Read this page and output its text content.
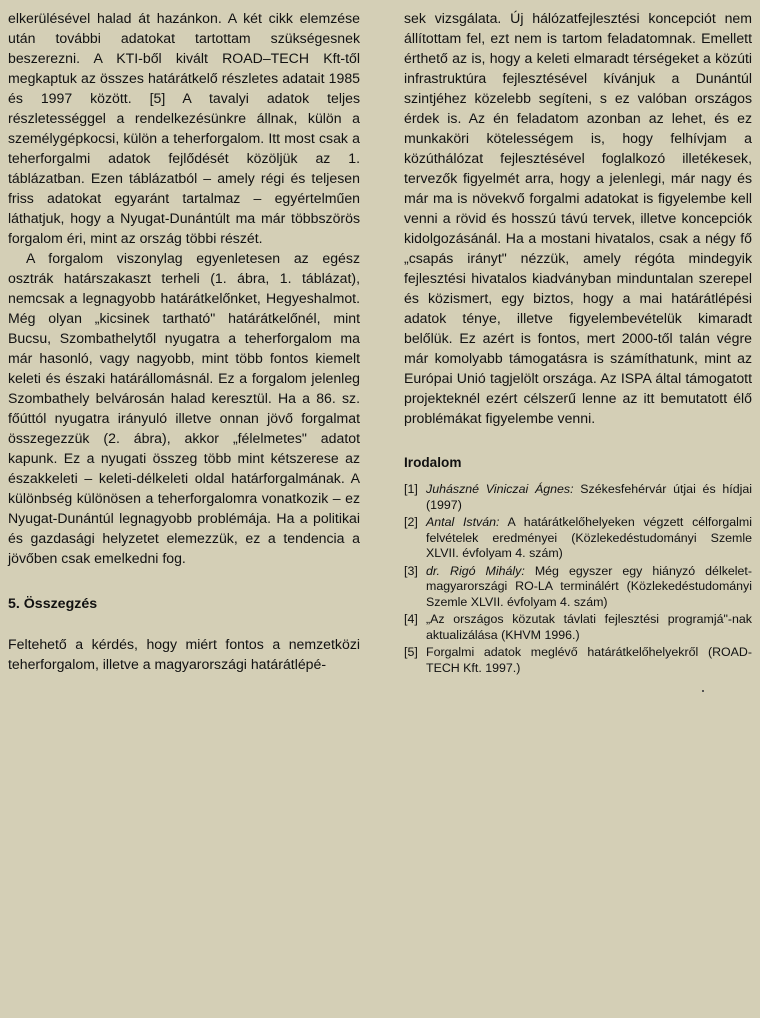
elkerülésével halad át hazánkon. A két cikk elemzése után további adatokat tartottam szükségesnek beszerezni. A KTI-ből kivált ROAD–TECH Kft-től megkaptuk az összes határátkelő részletes adatait 1985 és 1997 között. [5] A tavalyi adatok teljes részletességgel a rendelkezésünkre állnak, külön a személygépkocsi, külön a teherforgalom. Itt most csak a teherforgalmi adatok fejlődését közöljük az 1. táblázatban. Ezen táblázatból – amely régi és teljesen friss adatokat egyaránt tartalmaz – egyértelműen láthatjuk, hogy a Nyugat-Dunántúlt ma már többszörös forgalom éri, mint az ország többi részét.

A forgalom viszonylag egyenletesen az egész osztrák határszakaszt terheli (1. ábra, 1. táblázat), nemcsak a legnagyobb határátkelőnket, Hegyeshalmot. Még olyan „kicsinek tartható" határátkelőnél, mint Bucsu, Szombathelytől nyugatra a teherforgalom ma már hasonló, vagy nagyobb, mint több fontos kiemelt keleti és északi határállomásnál. Ez a forgalom jelenleg Szombathely belvárosán halad keresztül. Ha a 86. sz. főúttól nyugatra irányuló illetve onnan jövő forgalmat összegezzük (2. ábra), akkor „félelmetes" adatot kapunk. Ez a nyugati összeg több mint kétszerese az északkeleti – keleti-délkeleti oldal határforgalmának. A különbség különösen a teherforgalomra vonatkozik – ez Nyugat-Dunántúl legnagyobb problémája. Ha a politikai és gazdasági helyzetet elemezzük, ez a tendencia a jövőben csak emelkedni fog.

5. Összegzés

Feltehető a kérdés, hogy miért fontos a nemzetközi teherforgalom, illetve a magyarországi határátlépé-

sek vizsgálata. Új hálózatfejlesztési koncepciót nem állítottam fel, ezt nem is tartom feladatomnak. Emellett érthető az is, hogy a keleti elmaradt térségeket a közúti infrastruktúra fejlesztésével kívánjuk a Dunántúl szintjéhez közelebb segíteni, s ez valóban országos érdek is. Az én feladatom azonban az lehet, és ez munkaköri kötelességem is, hogy felhívjam a közúthálózat fejlesztésével foglalkozó illetékesek, tervezők figyelmét arra, hogy a jelenlegi, már nagy és már ma is növekvő forgalmi adatokat is figyelembe kell venni a rövid és hosszú távú tervek, illetve koncepciók kidolgozásánál. Ha a mostani hivatalos, csak a négy fő „csapás irányt" nézzük, amely régóta mindegyik fejlesztési hivatalos kiadványban minduntalan szerepel és közismert, egy biztos, hogy a mai határátlépési adatok ténye, illetve figyelembevételük kimaradt belőlük. Ez azért is fontos, mert 2000-től talán végre már komolyabb támogatásra is számíthatunk, mint az Európai Unió tagjelölt országa. Az ISPA által támogatott projekteknél ezért célszerű lenne az itt bemutatott élő problémákat figyelembe venni.

Irodalom
[1] Juhászné Viniczai Ágnes: Székesfehérvár útjai és hídjai (1997)
[2] Antal István: A határátkelőhelyeken végzett célforgalmi felvételek eredményei (Közlekedéstudományi Szemle XLVII. évfolyam 4. szám)
[3] dr. Rigó Mihály: Még egyszer egy hiányzó délkelet-magyarországi RO-LA terminálért (Közlekedéstudományi Szemle XLVII. évfolyam 4. szám)
[4] „Az országos közutak távlati fejlesztési programjá"-nak aktualizálása (KHVM 1996.)
[5] Forgalmi adatok meglévő határátkelőhelyekről (ROAD-TECH Kft. 1997.)
